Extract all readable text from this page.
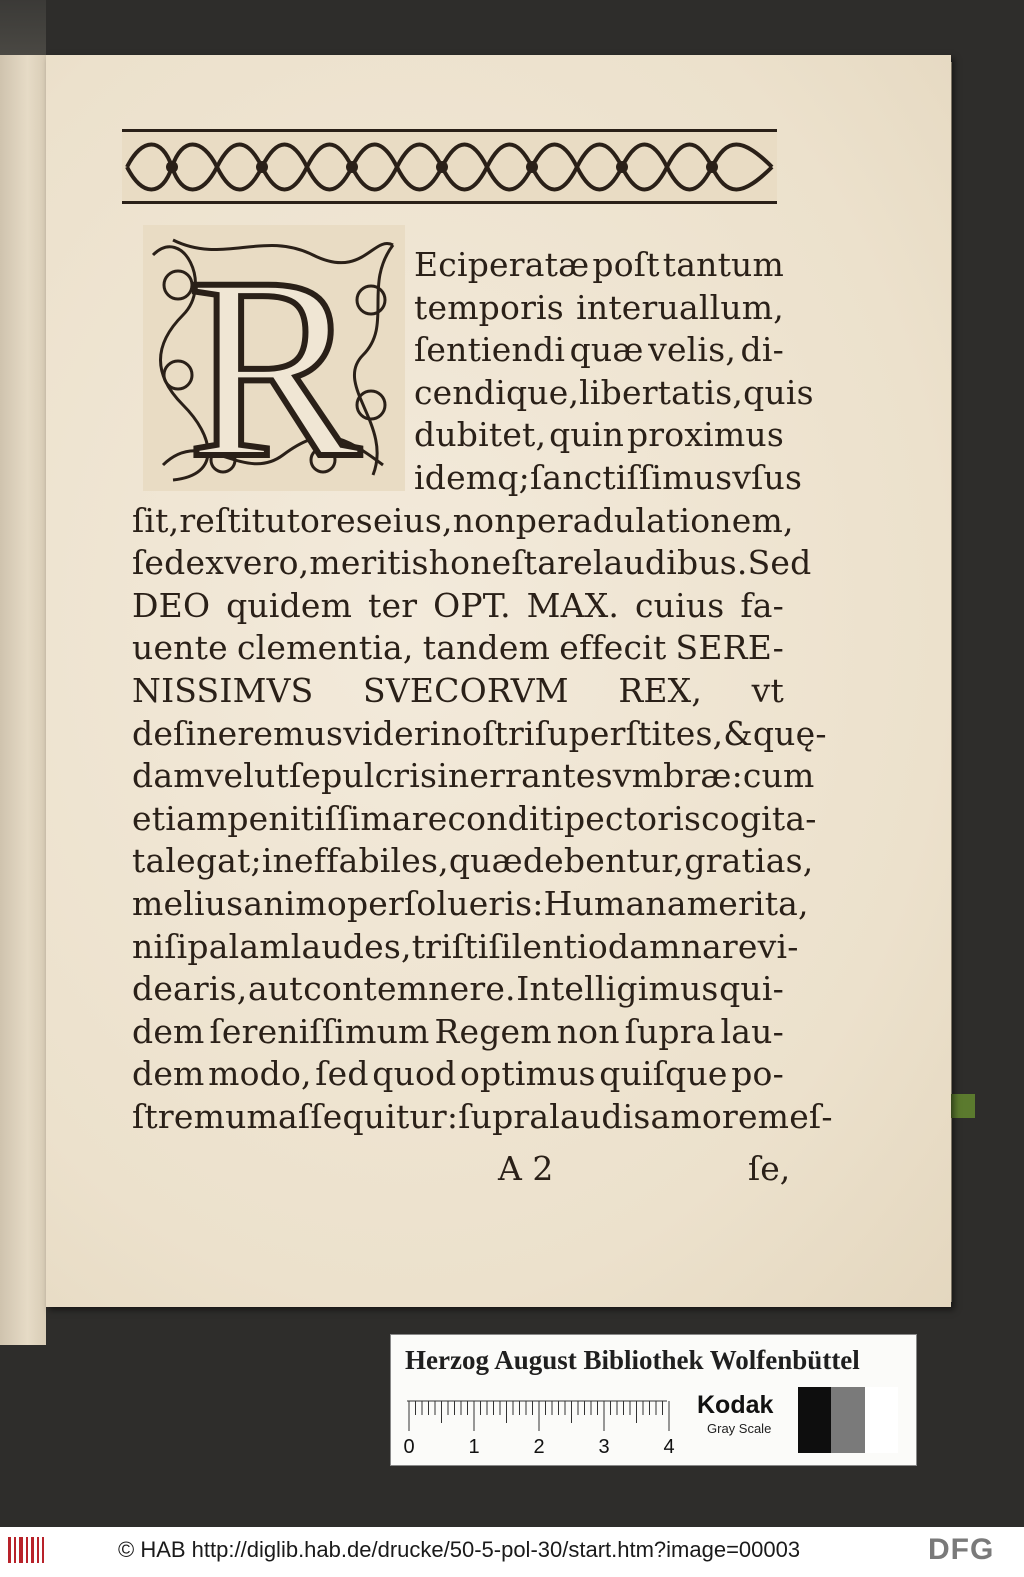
R Eciperatæ poſt tantum
temporis interuallum,
ſentiendi quæ velis, di-
cendique, libertatis, quis
dubitet, quin proximus
idemq; ſanctiſſimus vſus
ſit, reſtitutores eius, non per adulationem,
ſed ex vero, meritis honeſtare laudibus. Sed
DEO quidem ter OPT. MAX. cuius fa-
uente clementia, tandem effecit SERE-
NISSIMVS SVECORVM REX, vt
deſineremus videri noſtri ſuperſtites, & quę-
dam velut ſepulcris inerrantes vmbræ: cum
etiam penitiſſima reconditi pectoris cogita-
ta legat; ineffabiles, quæ debentur, gratias,
melius animo perſolueris: Humana merita,
niſi palam laudes, triſti ſilentio damnare vi-
dearis, aut contemnere. Intelligimus qui-
dem ſereniſſimum Regem non ſupra lau-
dem modo, ſed quod optimus quiſque po-
ſtremum aſſequitur: ſupra laudis amorem eſ-
A 2	ſe,
Herzog August Bibliothek Wolfenbüttel
0	1	2	3	4
Kodak
Gray Scale
© HAB http://diglib.hab.de/drucke/50-5-pol-30/start.htm?image=00003	DFG
